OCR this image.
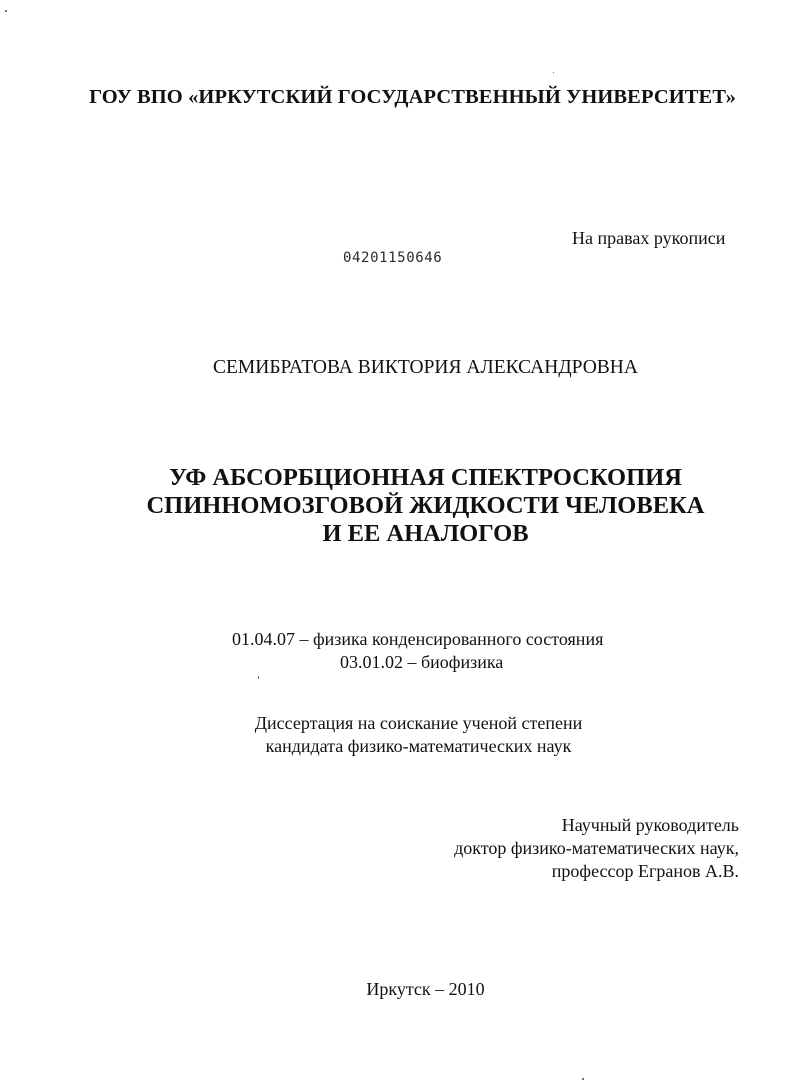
ГОУ ВПО «ИРКУТСКИЙ ГОСУДАРСТВЕННЫЙ УНИВЕРСИТЕТ»
На правах рукописи
04201150646
СЕМИБРАТОВА ВИКТОРИЯ АЛЕКСАНДРОВНА
УФ АБСОРБЦИОННАЯ СПЕКТРОСКОПИЯ
СПИННОМОЗГОВОЙ ЖИДКОСТИ ЧЕЛОВЕКА
И ЕЕ АНАЛОГОВ
01.04.07 – физика конденсированного состояния
03.01.02 – биофизика
Диссертация на соискание ученой степени
кандидата физико-математических наук
Научный руководитель
доктор физико-математических наук,
профессор Егранов А.В.
Иркутск – 2010
